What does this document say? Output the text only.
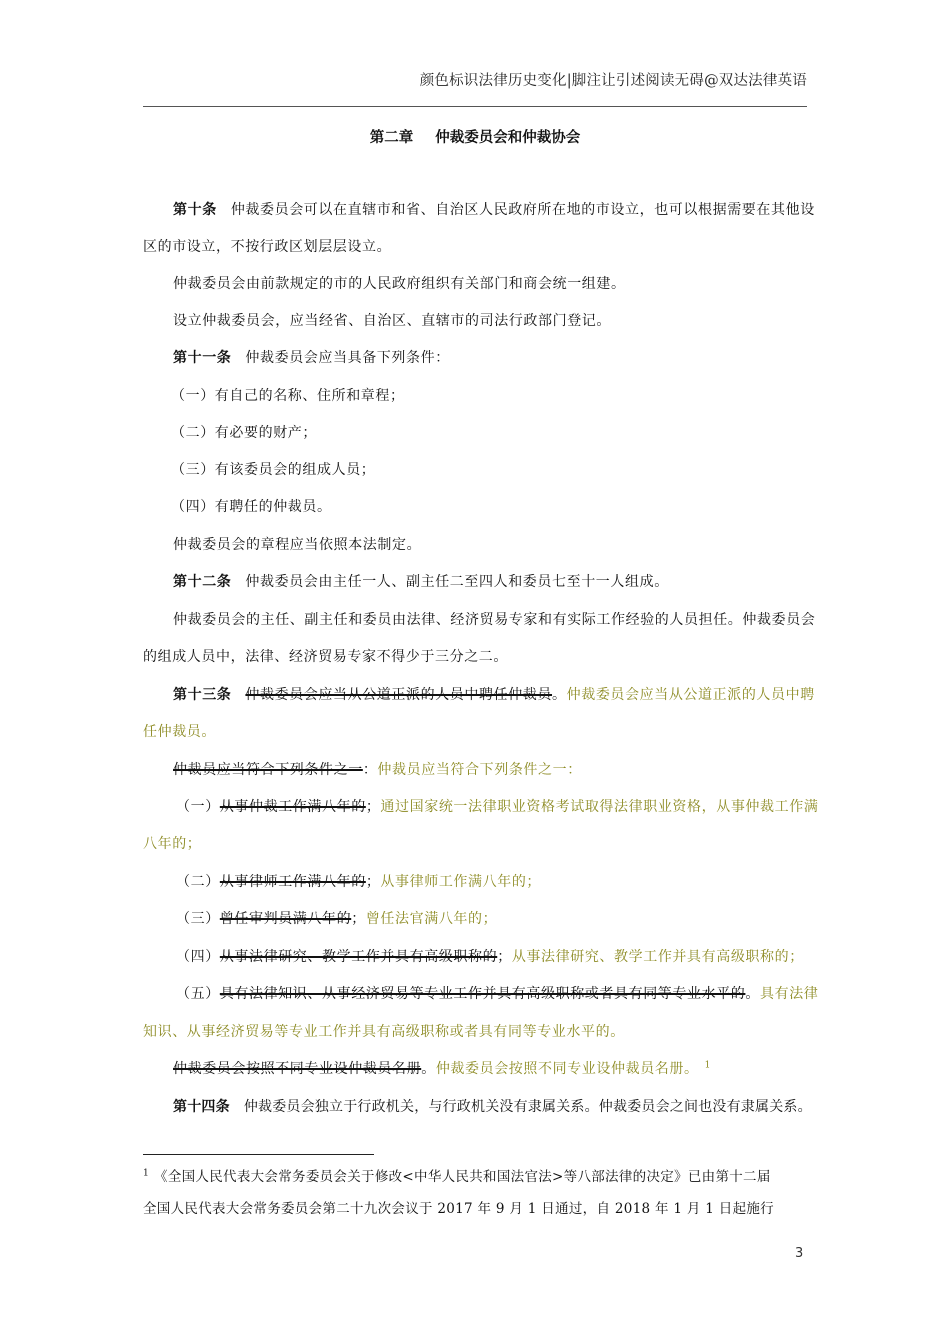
颜色标识法律历史变化|脚注让引述阅读无碍@双达法律英语
第二章 仲裁委员会和仲裁协会
第十条 仲裁委员会可以在直辖市和省、自治区人民政府所在地的市设立，也可以根据需要在其他设
区的市设立，不按行政区划层层设立。
仲裁委员会由前款规定的市的人民政府组织有关部门和商会统一组建。
设立仲裁委员会，应当经省、自治区、直辖市的司法行政部门登记。
第十一条 仲裁委员会应当具备下列条件：
（一）有自己的名称、住所和章程；
（二）有必要的财产；
（三）有该委员会的组成人员；
（四）有聘任的仲裁员。
仲裁委员会的章程应当依照本法制定。
第十二条 仲裁委员会由主任一人、副主任二至四人和委员七至十一人组成。
仲裁委员会的主任、副主任和委员由法律、经济贸易专家和有实际工作经验的人员担任。仲裁委员会
的组成人员中，法律、经济贸易专家不得少于三分之二。
第十三条 仲裁委员会应当从公道正派的人员中聘任仲裁员。仲裁委员会应当从公道正派的人员中聘
任仲裁员。
仲裁员应当符合下列条件之一：仲裁员应当符合下列条件之一：
（一）从事仲裁工作满八年的；通过国家统一法律职业资格考试取得法律职业资格，从事仲裁工作满
八年的；
（二）从事律师工作满八年的；从事律师工作满八年的；
（三）曾任审判员满八年的；曾任法官满八年的；
（四）从事法律研究、教学工作并具有高级职称的；从事法律研究、教学工作并具有高级职称的；
（五）具有法律知识、从事经济贸易等专业工作并具有高级职称或者具有同等专业水平的。具有法律
知识、从事经济贸易等专业工作并具有高级职称或者具有同等专业水平的。
仲裁委员会按照不同专业设仲裁员名册。仲裁委员会按照不同专业设仲裁员名册。 $^1$
第十四条 仲裁委员会独立于行政机关，与行政机关没有隶属关系。仲裁委员会之间也没有隶属关系。
$^1$ 《全国人民代表大会常务委员会关于修改<中华人民共和国法官法>等八部法律的决定》已由第十二届
全国人民代表大会常务委员会第二十九次会议于 2017 年 9 月 1 日通过，自 2018 年 1 月 1 日起施行
3
